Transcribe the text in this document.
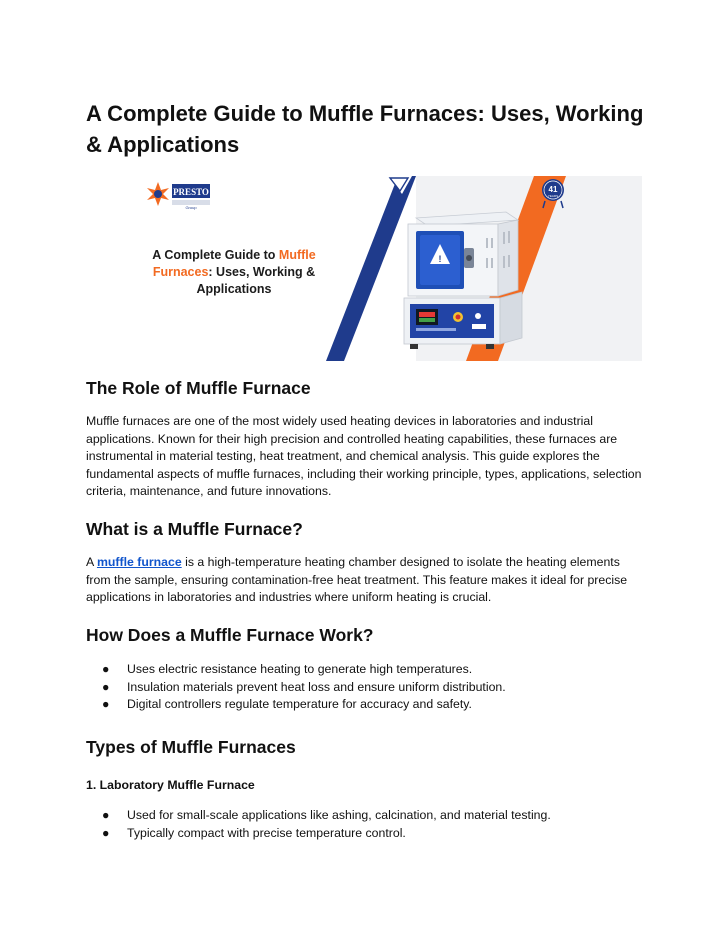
A Complete Guide to Muffle Furnaces: Uses, Working & Applications
PRESTO
Group
A Complete Guide to Muffle
Furnaces: Uses, Working &
Applications
!
41
YEARS
The Role of Muffle Furnace

Muffle furnaces are one of the most widely used heating devices in laboratories and industrial applications. Known for their high precision and controlled heating capabilities, these furnaces are instrumental in material testing, heat treatment, and chemical analysis. This guide explores the fundamental aspects of muffle furnaces, including their working principle, types, applications, selection criteria, maintenance, and future innovations.

What is a Muffle Furnace?

A muffle furnace is a high-temperature heating chamber designed to isolate the heating elements from the sample, ensuring contamination-free heat treatment. This feature makes it ideal for precise applications in laboratories and industries where uniform heating is crucial.

How Does a Muffle Furnace Work?
● Uses electric resistance heating to generate high temperatures.
● Insulation materials prevent heat loss and ensure uniform distribution.
● Digital controllers regulate temperature for accuracy and safety.
Types of Muffle Furnaces
1. Laboratory Muffle Furnace
● Used for small-scale applications like ashing, calcination, and material testing.
● Typically compact with precise temperature control.
